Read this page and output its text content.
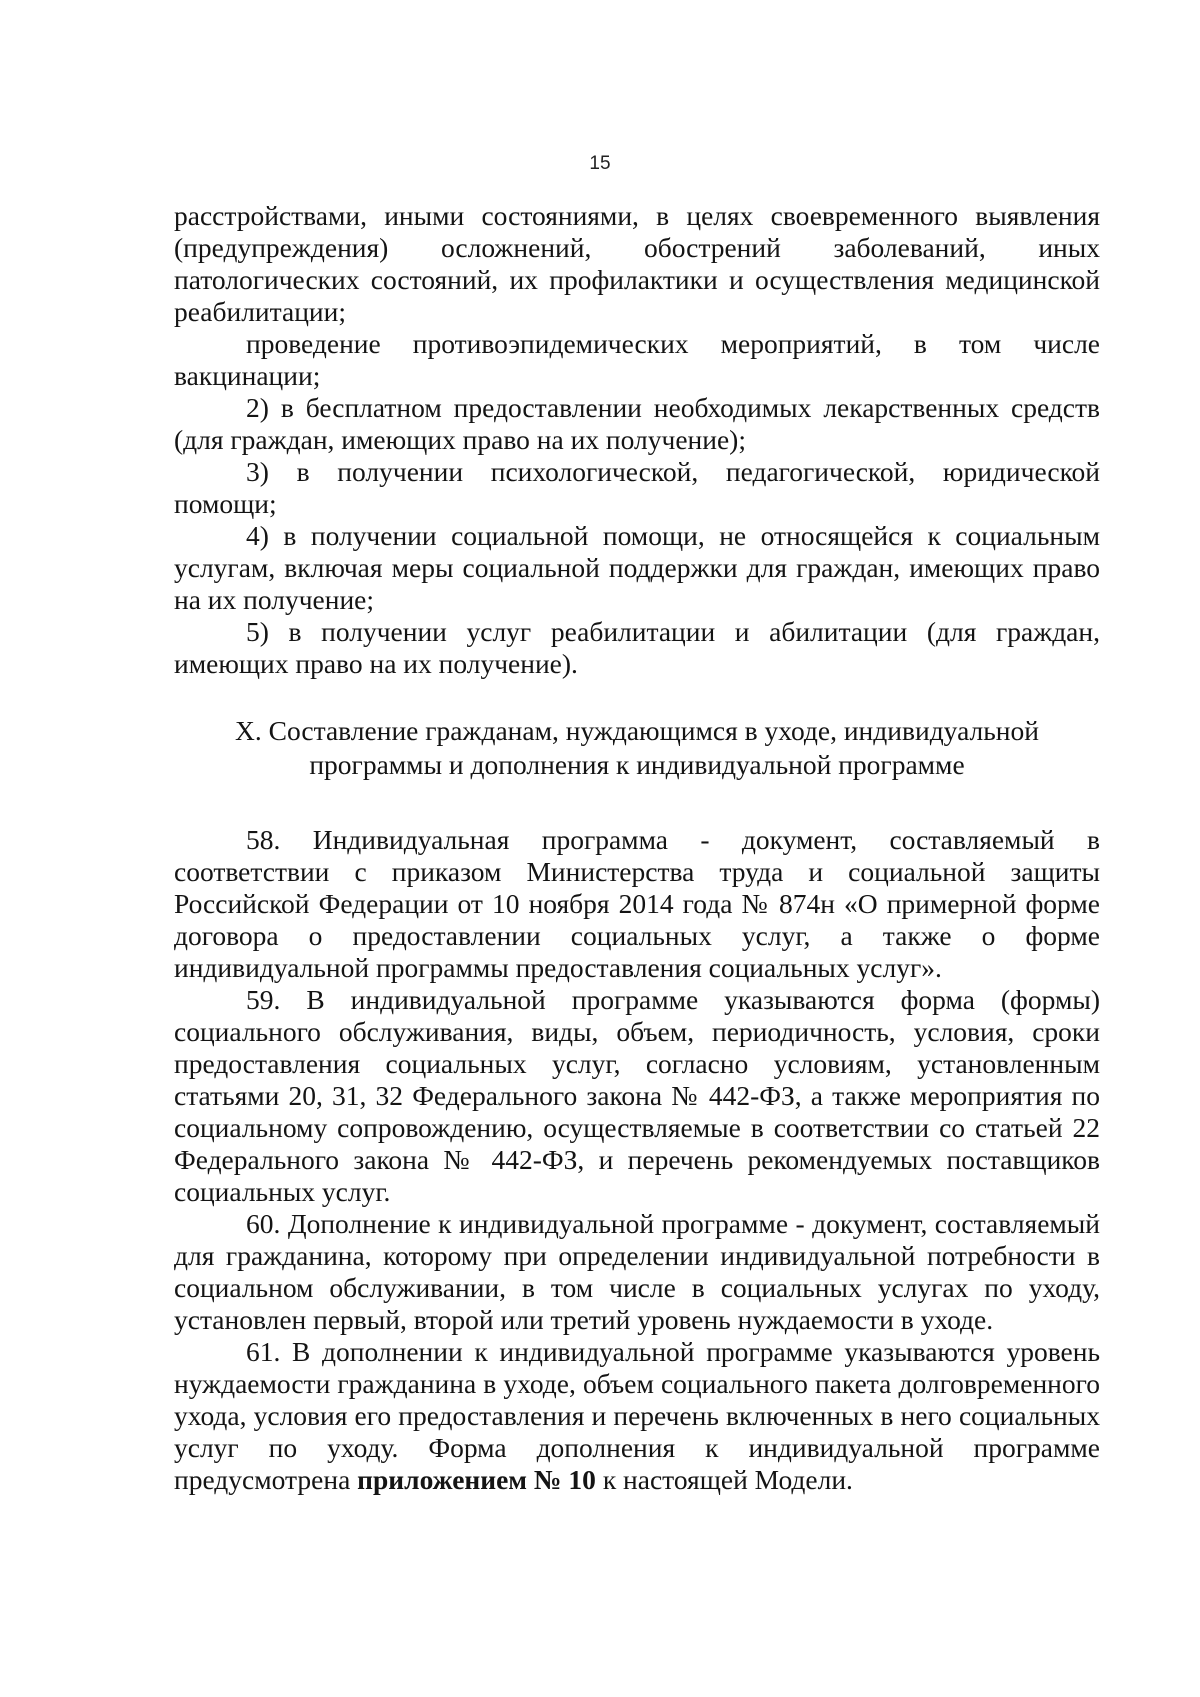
15

расстройствами, иными состояниями, в целях своевременного выявления (предупреждения) осложнений, обострений заболеваний, иных патологических состояний, их профилактики и осуществления медицинской реабилитации;

проведение противоэпидемических мероприятий, в том числе вакцинации;

2) в бесплатном предоставлении необходимых лекарственных средств (для граждан, имеющих право на их получение);

3) в получении психологической, педагогической, юридической помощи;

4) в получении социальной помощи, не относящейся к социальным услугам, включая меры социальной поддержки для граждан, имеющих право на их получение;

5) в получении услуг реабилитации и абилитации (для граждан, имеющих право на их получение).

X. Составление гражданам, нуждающимся в уходе, индивидуальной
программы и дополнения к индивидуальной программе

58. Индивидуальная программа - документ, составляемый в соответствии с приказом Министерства труда и социальной защиты Российской Федерации от 10 ноября 2014 года № 874н «О примерной форме договора о предоставлении социальных услуг, а также о форме индивидуальной программы предоставления социальных услуг».

59. В индивидуальной программе указываются форма (формы) социального обслуживания, виды, объем, периодичность, условия, сроки предоставления социальных услуг, согласно условиям, установленным статьями 20, 31, 32 Федерального закона № 442-ФЗ, а также мероприятия по социальному сопровождению, осуществляемые в соответствии со статьей 22 Федерального закона № 442-ФЗ, и перечень рекомендуемых поставщиков социальных услуг.

60. Дополнение к индивидуальной программе - документ, составляемый для гражданина, которому при определении индивидуальной потребности в социальном обслуживании, в том числе в социальных услугах по уходу, установлен первый, второй или третий уровень нуждаемости в уходе.

61. В дополнении к индивидуальной программе указываются уровень нуждаемости гражданина в уходе, объем социального пакета долговременного ухода, условия его предоставления и перечень включенных в него социальных услуг по уходу. Форма дополнения к индивидуальной программе предусмотрена приложением № 10 к настоящей Модели.
